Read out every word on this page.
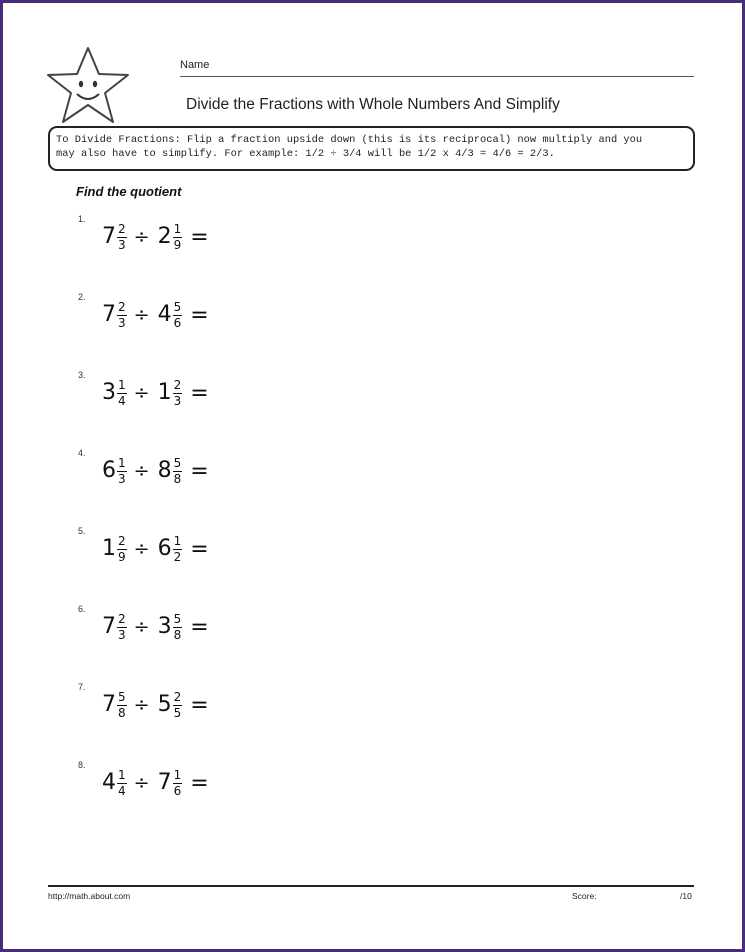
Name
Divide the Fractions with Whole Numbers And Simplify
To Divide Fractions: Flip a fraction upside down (this is its reciprocal) now multiply and you
may also have to simplify. For example: 1/2 ÷ 3/4 will be 1/2 x 4/3 = 4/6 = 2/3.
Find the quotient
1.
$7 \frac{2}{3} \div 2 \frac{1}{9}$ =
2.
$7 \frac{2}{3} \div 4 \frac{5}{6}$ =
3.
$3 \frac{1}{4} \div 1 \frac{2}{3}$ =
4.
$6 \frac{1}{3} \div 8 \frac{5}{8}$ =
5.
$1 \frac{2}{9} \div 6 \frac{1}{2}$ =
6.
$7 \frac{2}{3} \div 3 \frac{5}{8}$ =
7.
$7 \frac{5}{8} \div 5 \frac{2}{5}$ =
8.
$4 \frac{1}{4} \div 7 \frac{1}{6}$ =
http://math.about.com	Score:	/10
